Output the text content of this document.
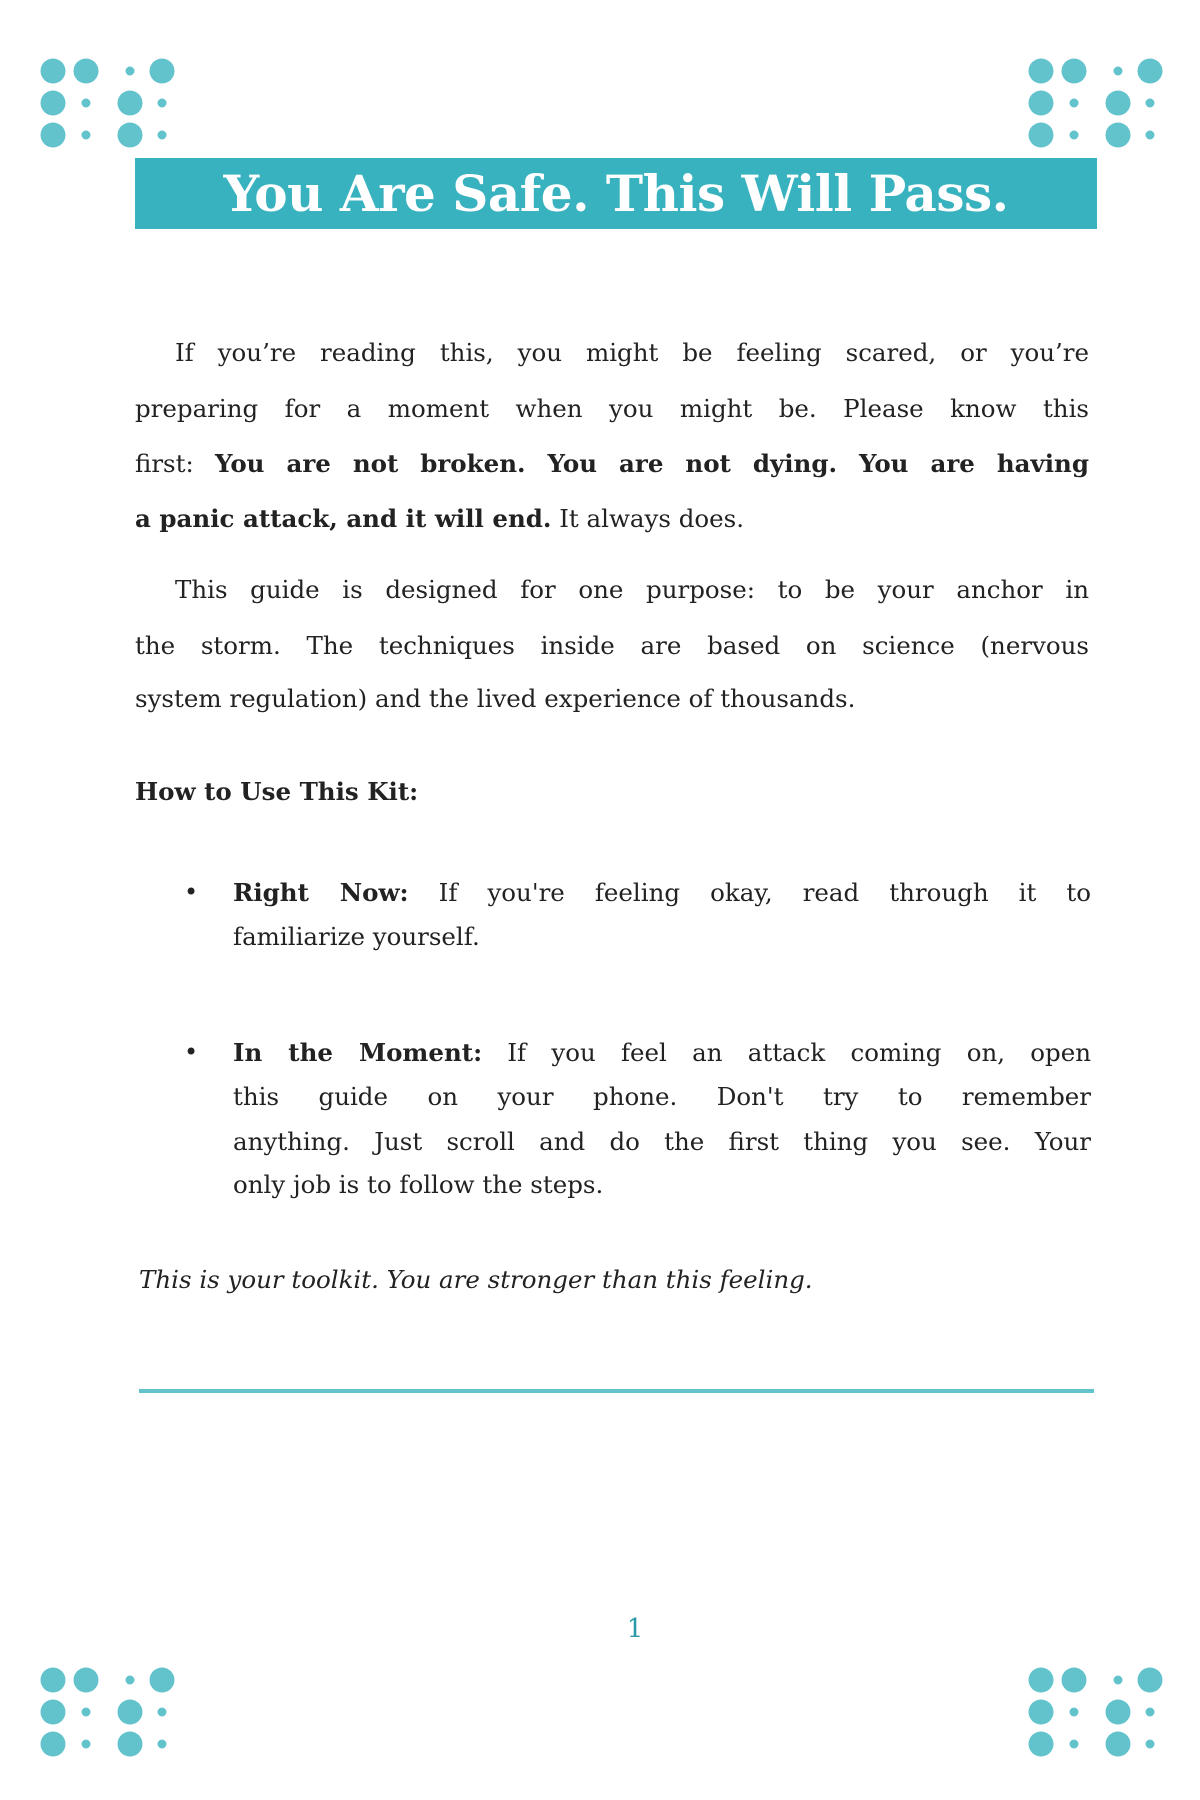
You Are Safe. This Will Pass.
If you’re reading this, you might be feeling scared, or you’re
preparing for a moment when you might be. Please know this
first: You are not broken. You are not dying. You are having
a panic attack, and it will end. It always does.
This guide is designed for one purpose: to be your anchor in
the storm. The techniques inside are based on science (nervous
system regulation) and the lived experience of thousands.
How to Use This Kit:
• Right Now: If you're feeling okay, read through it to
familiarize yourself.
• In the Moment: If you feel an attack coming on, open
this guide on your phone. Don't try to remember
anything. Just scroll and do the first thing you see. Your
only job is to follow the steps.
This is your toolkit. You are stronger than this feeling.
1
